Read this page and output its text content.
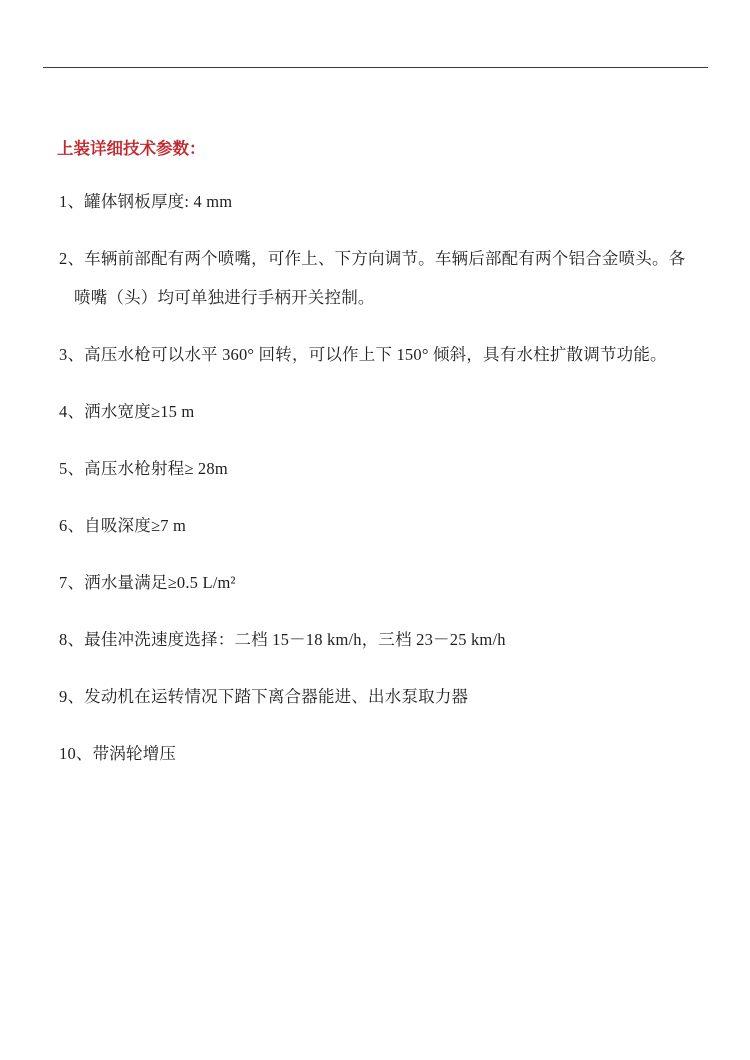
上装详细技术参数：

1、罐体钢板厚度: 4 mm

2、车辆前部配有两个喷嘴，可作上、下方向调节。车辆后部配有两个铝合金喷头。各喷嘴（头）均可单独进行手柄开关控制。

3、高压水枪可以水平 360° 回转，可以作上下 150° 倾斜，具有水柱扩散调节功能。

4、洒水宽度≥15 m

5、高压水枪射程≥ 28m

6、自吸深度≥7 m

7、洒水量满足≥0.5 L/m²

8、最佳冲洗速度选择：二档 15－18 km/h，三档 23－25 km/h

9、发动机在运转情况下踏下离合器能进、出水泵取力器

10、带涡轮增压
